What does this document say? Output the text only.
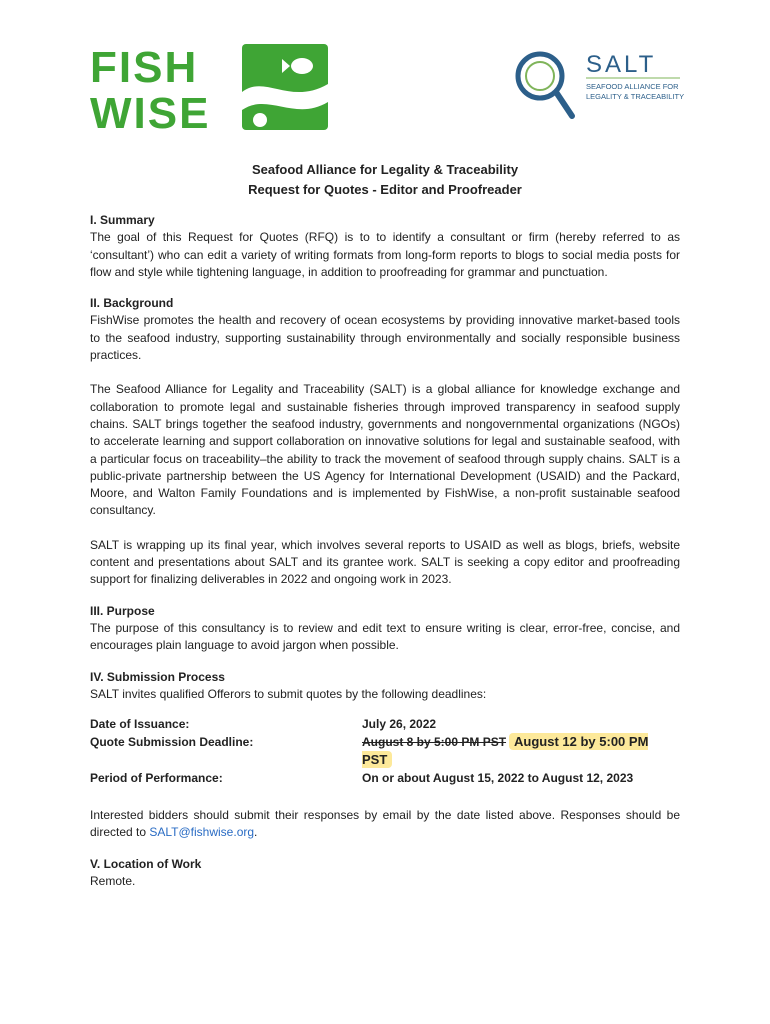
FISH
WISE
SALT
SEAFOOD ALLIANCE FOR
LEGALITY & TRACEABILITY
Seafood Alliance for Legality & Traceability
Request for Quotes - Editor and Proofreader
I. Summary

The goal of this Request for Quotes (RFQ) is to to identify a consultant or firm (hereby referred to as ‘consultant’) who can edit a variety of writing formats from long-form reports to blogs to social media posts for flow and style while tightening language, in addition to proofreading for grammar and punctuation.

II. Background

FishWise promotes the health and recovery of ocean ecosystems by providing innovative market-based tools to the seafood industry, supporting sustainability through environmentally and socially responsible business practices.

The Seafood Alliance for Legality and Traceability (SALT) is a global alliance for knowledge exchange and collaboration to promote legal and sustainable fisheries through improved transparency in seafood supply chains. SALT brings together the seafood industry, governments and nongovernmental organizations (NGOs) to accelerate learning and support collaboration on innovative solutions for legal and sustainable seafood, with a particular focus on traceability–the ability to track the movement of seafood through supply chains. SALT is a public-private partnership between the US Agency for International Development (USAID) and the Packard, Moore, and Walton Family Foundations and is implemented by FishWise, a non-profit sustainable seafood consultancy.

SALT is wrapping up its final year, which involves several reports to USAID as well as blogs, briefs, website content and presentations about SALT and its grantee work. SALT is seeking a copy editor and proofreading support for finalizing deliverables in 2022 and ongoing work in 2023.

III. Purpose

The purpose of this consultancy is to review and edit text to ensure writing is clear, error-free, concise, and encourages plain language to avoid jargon when possible.

IV. Submission Process

SALT invites qualified Offerors to submit quotes by the following deadlines:

Date of Issuance:	July 26, 2022
Quote Submission Deadline:	August 8 by 5:00 PM PST August 12 by 5:00 PM PST
Period of Performance:	On or about August 15, 2022 to August 12, 2023

Interested bidders should submit their responses by email by the date listed above. Responses should be directed to SALT@fishwise.org.

V. Location of Work

Remote.
